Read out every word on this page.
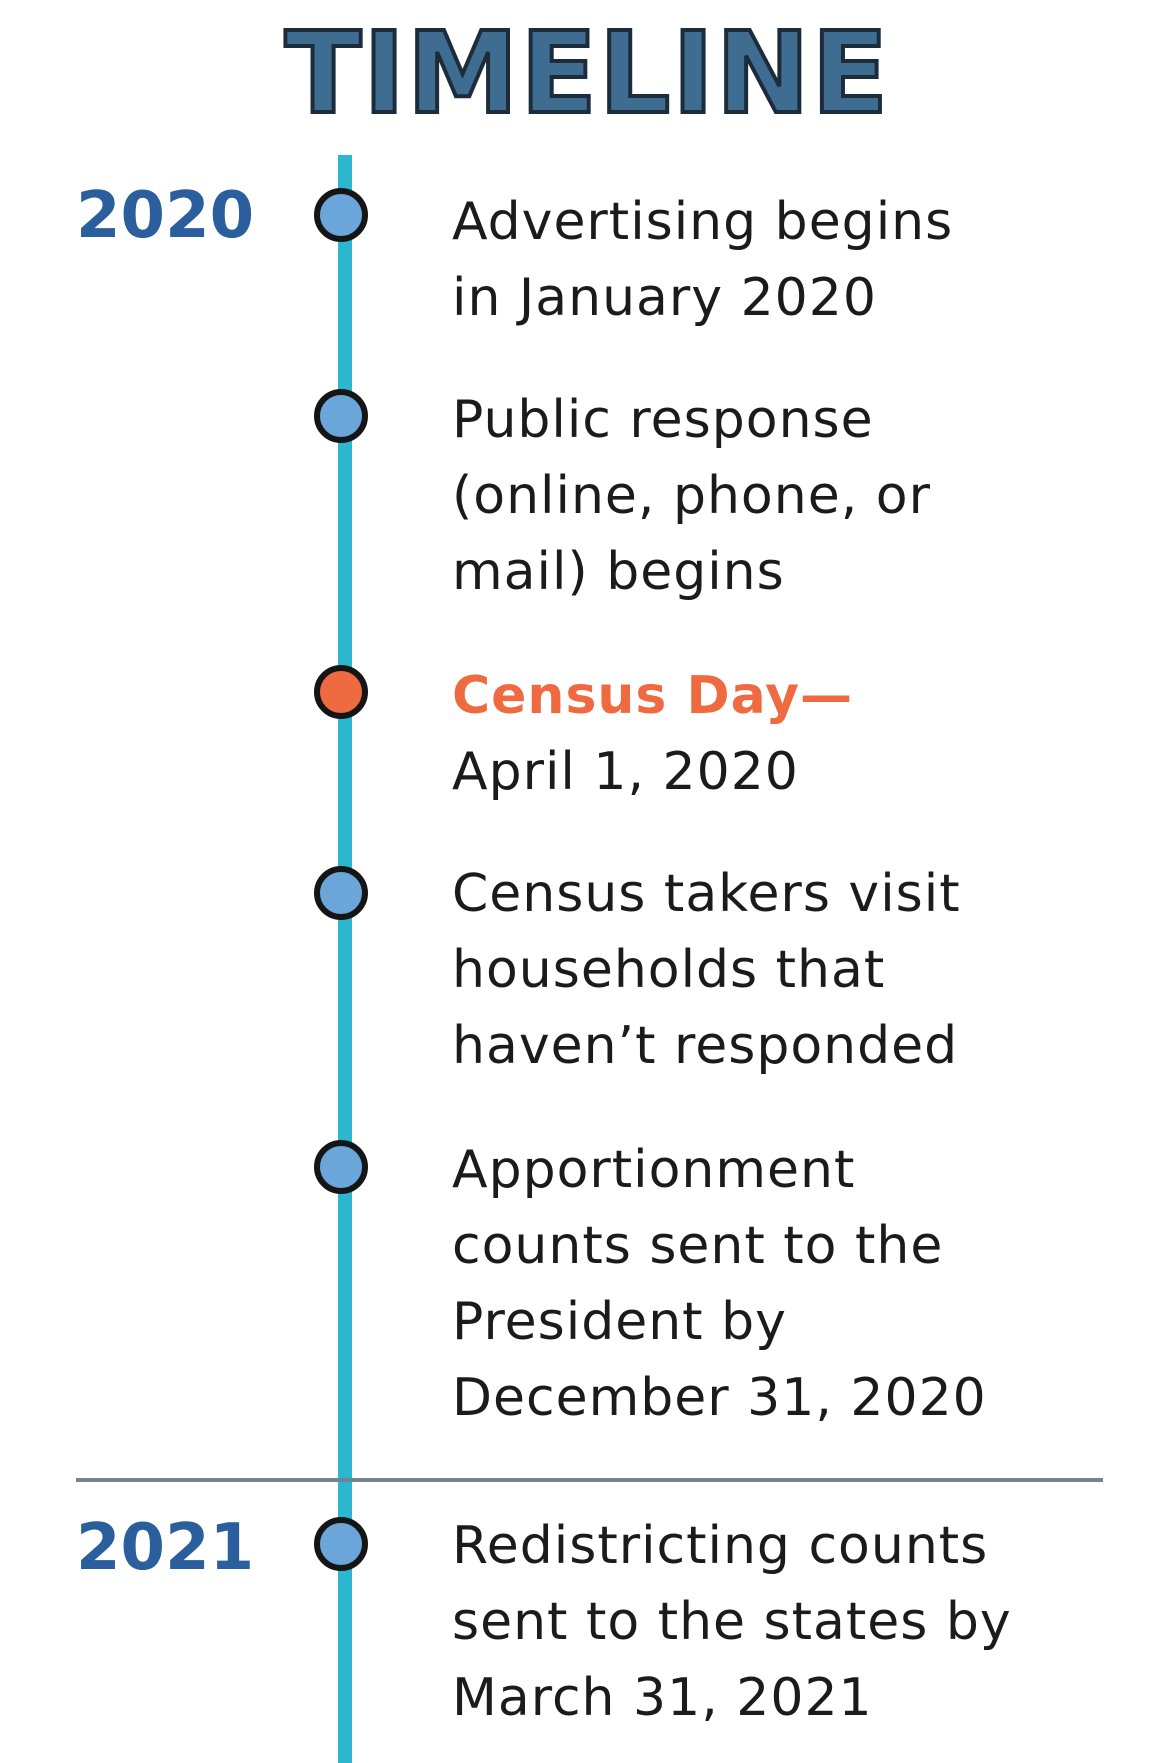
TIMELINE
2020
2021
Advertising begins
in January 2020
Public response
(online, phone, or
mail) begins
Census Day—
April 1, 2020
Census takers visit
households that
haven’t responded
Apportionment
counts sent to the
President by
December 31, 2020
Redistricting counts
sent to the states by
March 31, 2021
